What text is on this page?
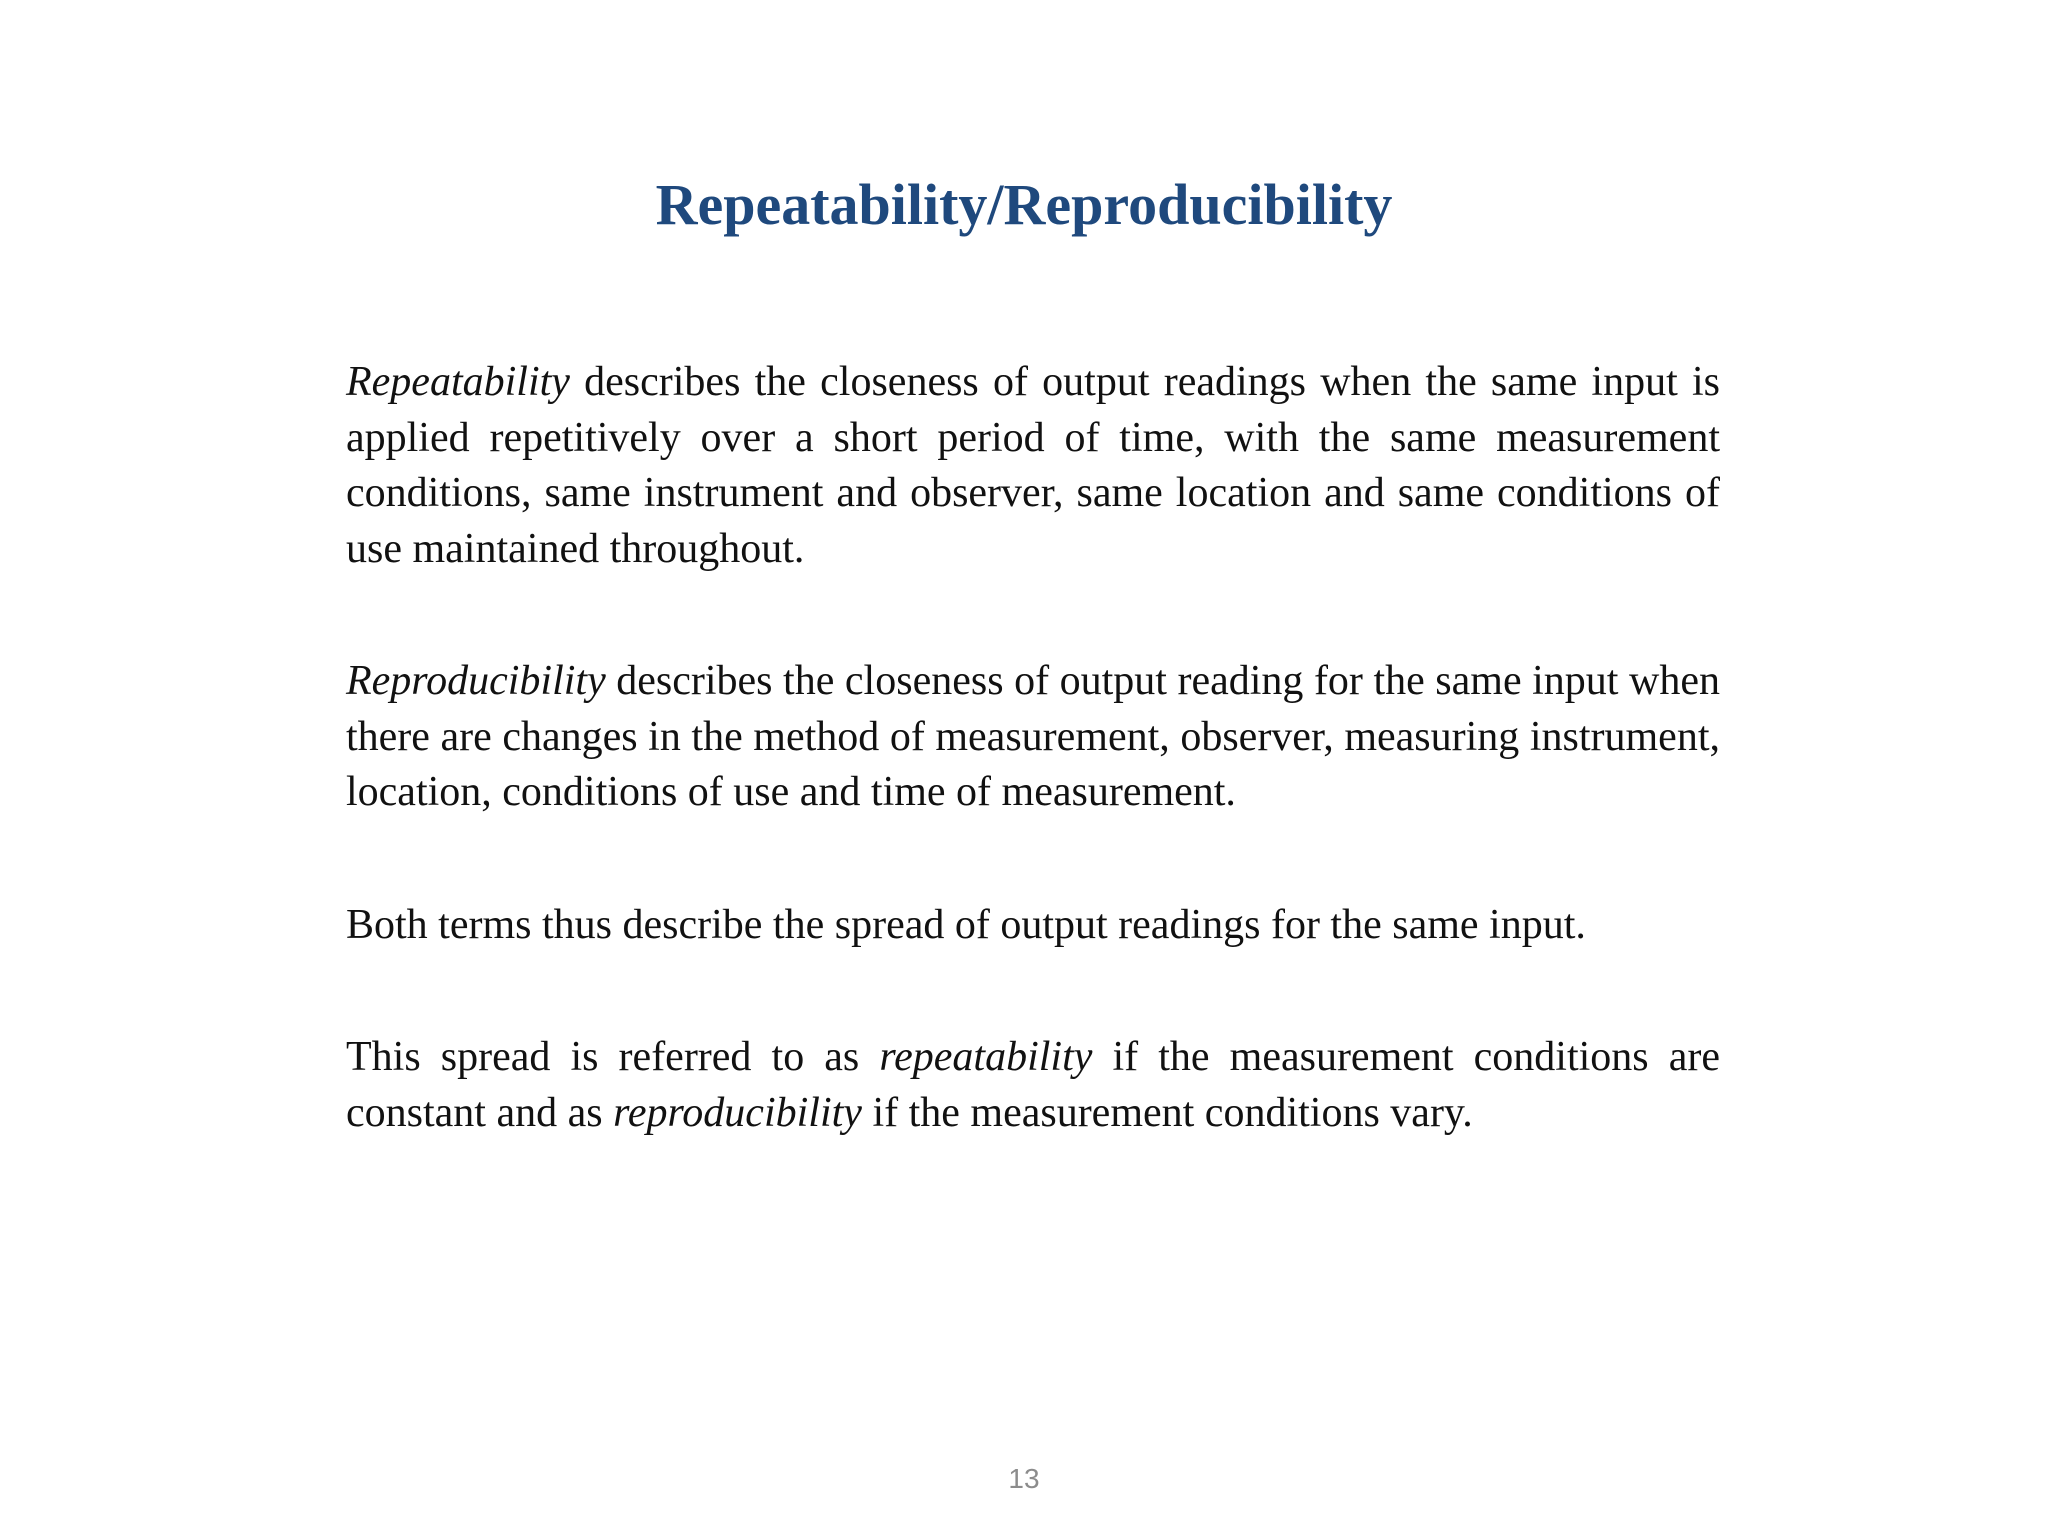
Repeatability/Reproducibility

Repeatability describes the closeness of output readings when the same input is applied repetitively over a short period of time, with the same measurement conditions, same instrument and observer, same location and same conditions of use maintained throughout.

Reproducibility describes the closeness of output reading for the same input when there are changes in the method of measurement, observer, measuring instrument, location, conditions of use and time of measurement.

Both terms thus describe the spread of output readings for the same input.

This spread is referred to as repeatability if the measurement conditions are constant and as reproducibility if the measurement conditions vary.

13
